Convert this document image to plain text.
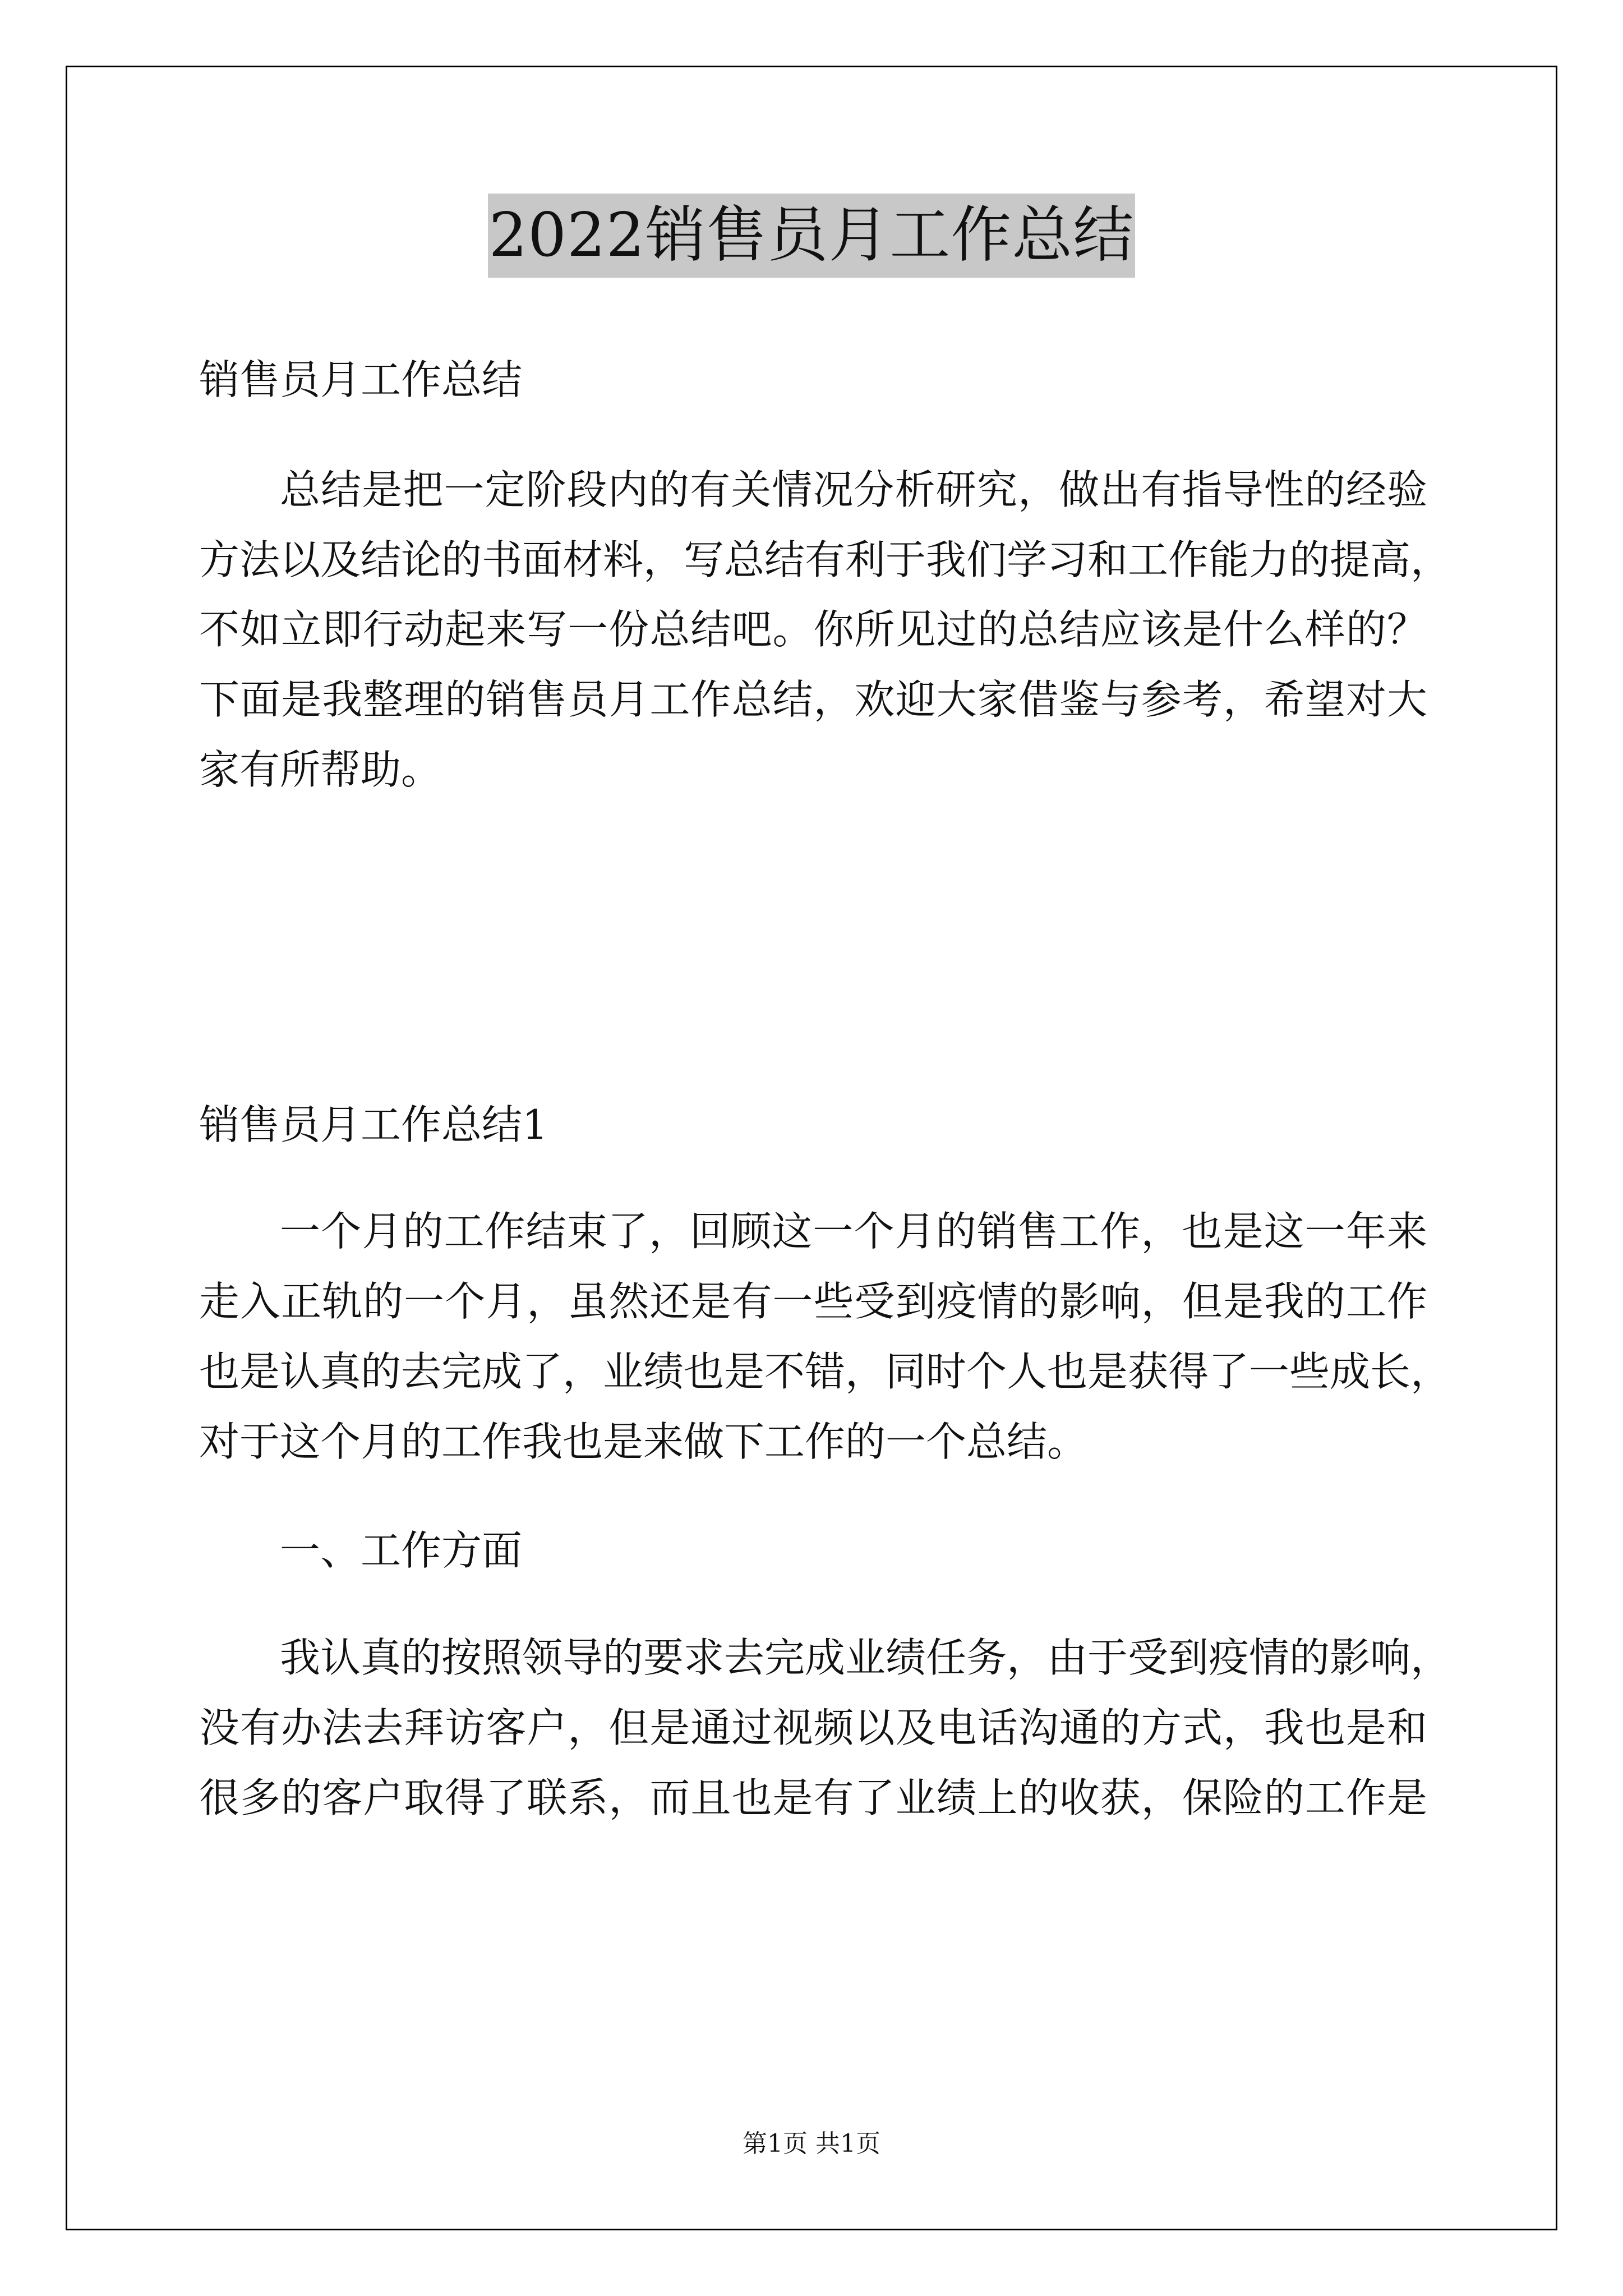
2022销售员月工作总结
销售员月工作总结
总结是把一定阶段内的有关情况分析研究，做出有指导性的经验
方法以及结论的书面材料，写总结有利于我们学习和工作能力的提高，
不如立即行动起来写一份总结吧。你所见过的总结应该是什么样的？
下面是我整理的销售员月工作总结，欢迎大家借鉴与参考，希望对大
家有所帮助。
销售员月工作总结1
一个月的工作结束了，回顾这一个月的销售工作，也是这一年来
走入正轨的一个月，虽然还是有一些受到疫情的影响，但是我的工作
也是认真的去完成了，业绩也是不错，同时个人也是获得了一些成长，
对于这个月的工作我也是来做下工作的一个总结。
一、工作方面
我认真的按照领导的要求去完成业绩任务，由于受到疫情的影响，
没有办法去拜访客户，但是通过视频以及电话沟通的方式，我也是和
很多的客户取得了联系，而且也是有了业绩上的收获，保险的工作是
第1页 共1页
